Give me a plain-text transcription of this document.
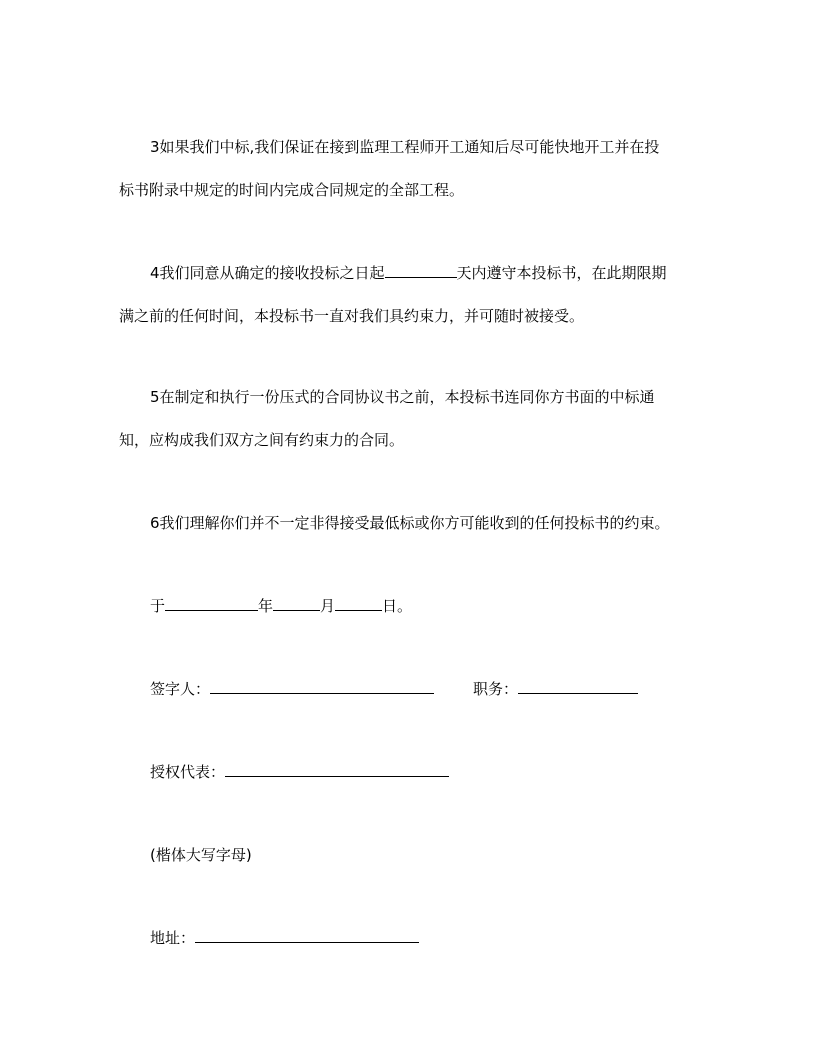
3如果我们中标,我们保证在接到监理工程师开工通知后尽可能快地开工并在投
标书附录中规定的时间内完成合同规定的全部工程。
4我们同意从确定的接收投标之日起	天内遵守本投标书，在此期限期
满之前的任何时间，本投标书一直对我们具约束力，并可随时被接受。
5在制定和执行一份压式的合同协议书之前，本投标书连同你方书面的中标通
知，应构成我们双方之间有约束力的合同。
6我们理解你们并不一定非得接受最低标或你方可能收到的任何投标书的约束。
于	年	月	日。
签字人：	职务：
授权代表：
(楷体大写字母)
地址：
